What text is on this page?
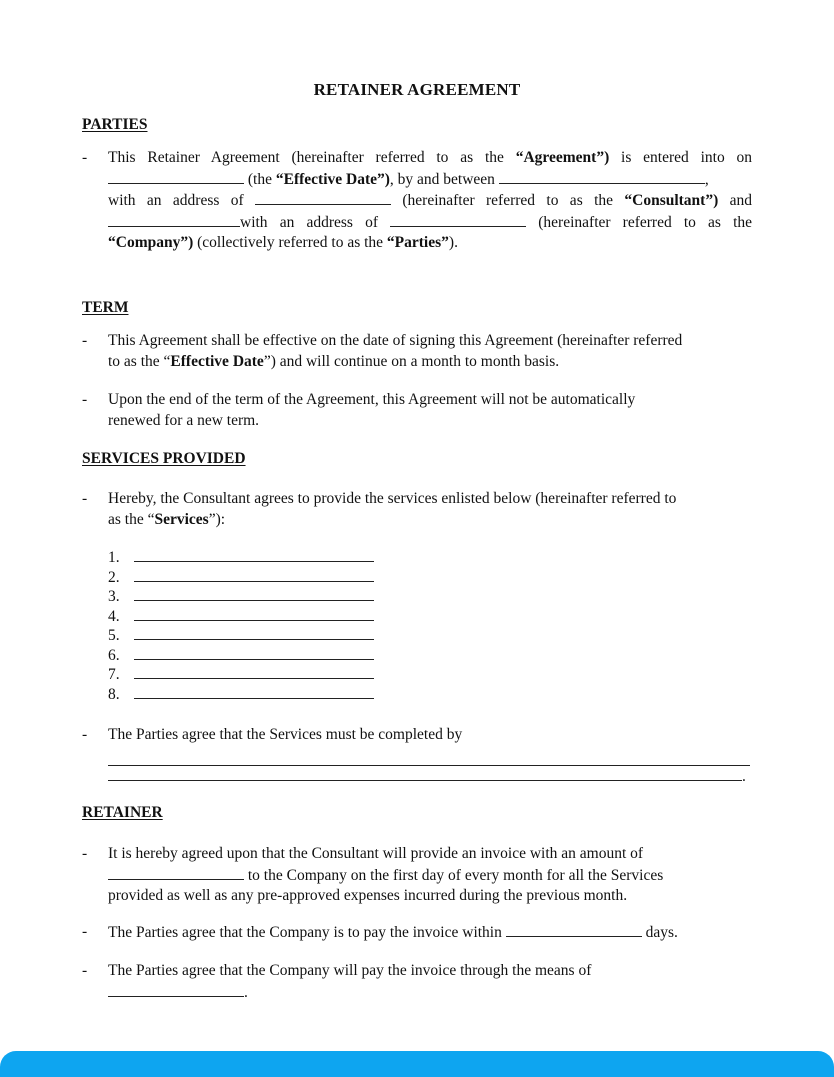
RETAINER AGREEMENT
PARTIES
- This Retainer Agreement (hereinafter referred to as the “Agreement”) is entered into on
(the “Effective Date”), by and between	,
with an address of	(hereinafter referred to as the “Consultant”) and
with an address of	(hereinafter referred to as the
“Company”) (collectively referred to as the “Parties”).
TERM
- This Agreement shall be effective on the date of signing this Agreement (hereinafter referred
to as the “Effective Date”) and will continue on a month to month basis.
- Upon the end of the term of the Agreement, this Agreement will not be automatically
renewed for a new term.
SERVICES PROVIDED
- Hereby, the Consultant agrees to provide the services enlisted below (hereinafter referred to
as the “Services”):
1.
2.
3.
4.
5.
6.
7.
8.
- The Parties agree that the Services must be completed by
.
RETAINER
- It is hereby agreed upon that the Consultant will provide an invoice with an amount of
to the Company on the first day of every month for all the Services
provided as well as any pre-approved expenses incurred during the previous month.
- The Parties agree that the Company is to pay the invoice within	days.
- The Parties agree that the Company will pay the invoice through the means of
.
